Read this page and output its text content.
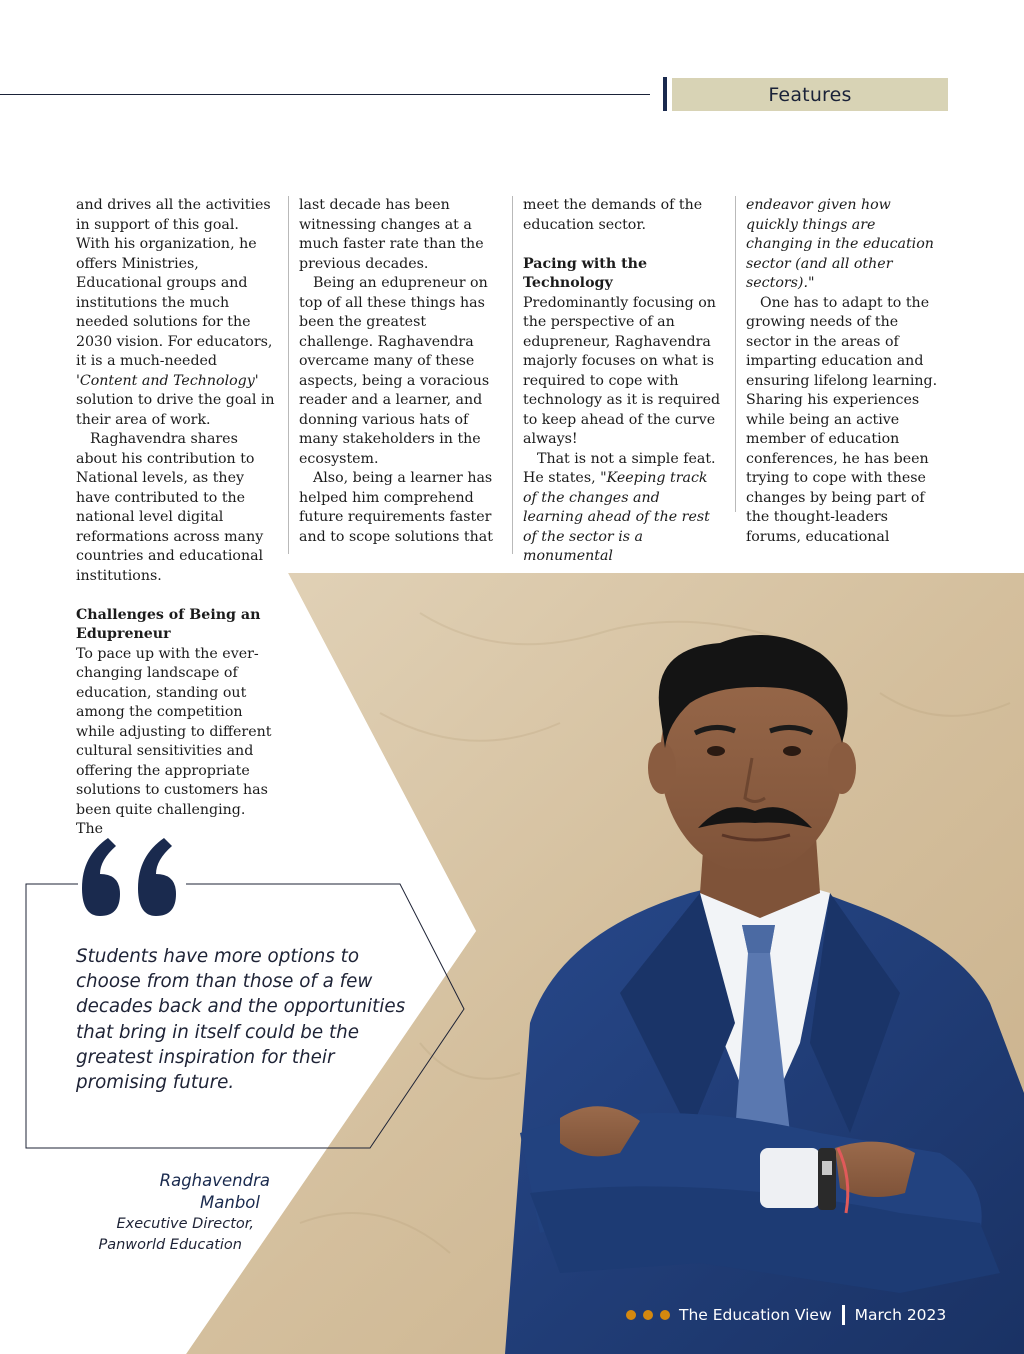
Features

Students have more options to choose from than those of a few decades back and the opportunities that bring in itself could be the greatest inspiration for their promising future.

Raghavendra
Manbol
Executive Director,
Panworld Education

and drives all the activities in support of this goal. With his organization, he offers Ministries, Educational groups and institutions the much needed solutions for the 2030 vision. For educators, it is a much-needed 'Content and Technology' solution to drive the goal in their area of work.

Raghavendra shares about his contribution to National levels, as they have contributed to the national level digital reformations across many countries and educational institutions.

Challenges of Being an Edupreneur

To pace up with the ever-changing landscape of education, standing out among the competition while adjusting to different cultural sensitivities and offering the appropriate solutions to customers has been quite challenging. The

last decade has been witnessing changes at a much faster rate than the previous decades.

Being an edupreneur on top of all these things has been the greatest challenge. Raghavendra overcame many of these aspects, being a voracious reader and a learner, and donning various hats of many stakeholders in the ecosystem.

Also, being a learner has helped him comprehend future requirements faster and to scope solutions that

meet the demands of the education sector.

Pacing with the Technology

Predominantly focusing on the perspective of an edupreneur, Raghavendra majorly focuses on what is required to cope with technology as it is required to keep ahead of the curve always!

That is not a simple feat. He states, "Keeping track of the changes and learning ahead of the rest of the sector is a monumental

endeavor given how quickly things are changing in the education sector (and all other sectors)."

One has to adapt to the growing needs of the sector in the areas of imparting education and ensuring lifelong learning. Sharing his experiences while being an active member of education conferences, he has been trying to cope with these changes by being part of the thought-leaders forums, educational

The Education View March 2023
